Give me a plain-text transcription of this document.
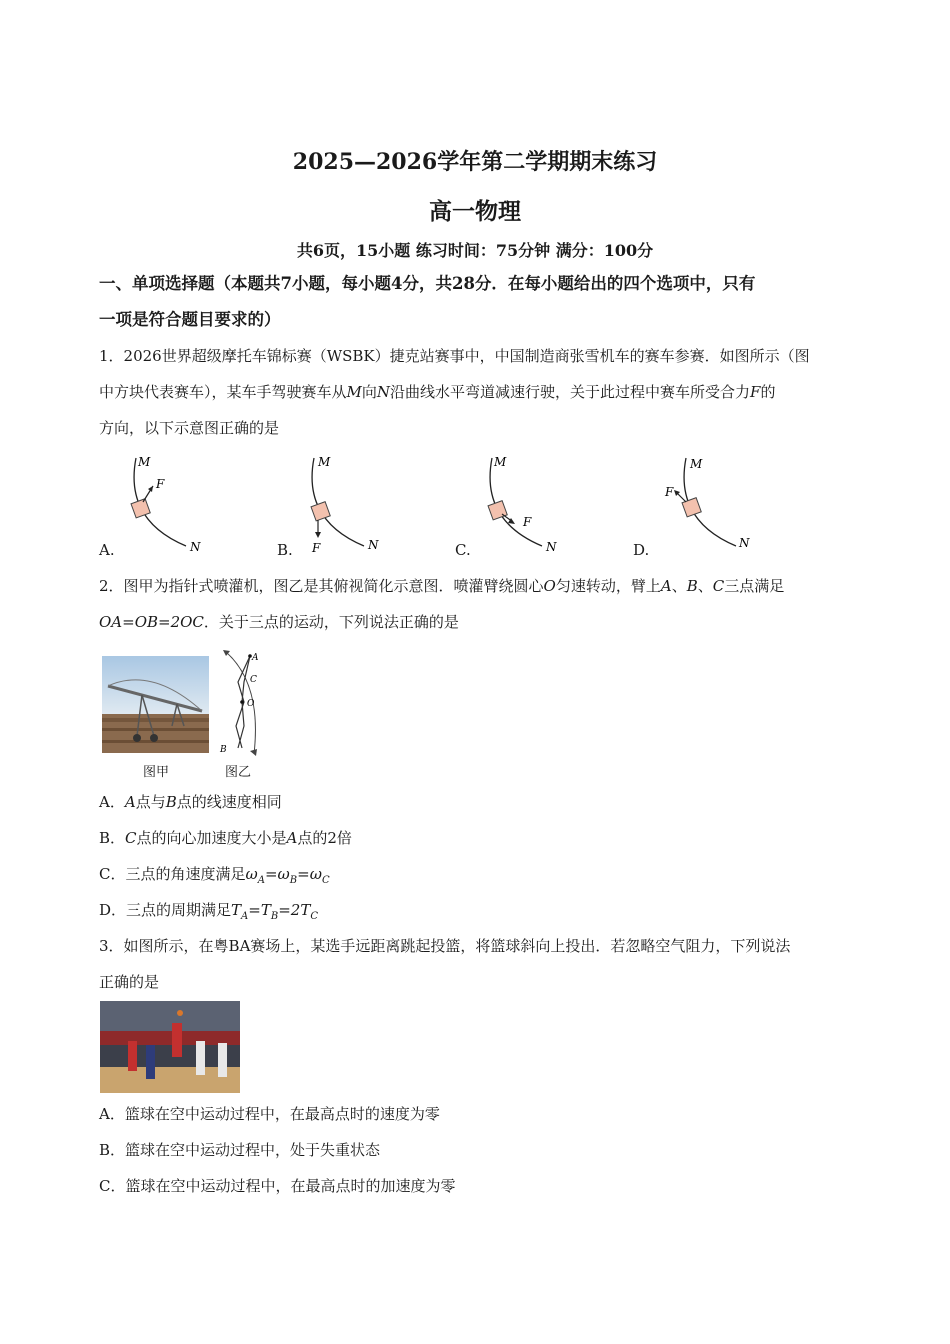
2025—2026学年第二学期期末练习
高一物理
共6页，15小题 练习时间：75分钟 满分：100分
一、单项选择题（本题共7小题，每小题4分，共28分．在每小题给出的四个选项中，只有
一项是符合题目要求的）
1．2026世界超级摩托车锦标赛（WSBK）捷克站赛事中，中国制造商张雪机车的赛车参赛．如图所示（图
中方块代表赛车），某车手驾驶赛车从M向N沿曲线水平弯道减速行驶，关于此过程中赛车所受合力F的
方向，以下示意图正确的是
M
N
F
A.
M
N
F
B.
M
N
F
C.
M
N
F
D.
2．图甲为指针式喷灌机，图乙是其俯视简化示意图．喷灌臂绕圆心O匀速转动，臂上A、B、C三点满足
OA=OB=2OC．关于三点的运动，下列说法正确的是
图甲
A
C
O
B
图乙
A．A点与B点的线速度相同
B．C点的向心加速度大小是A点的2倍
C．三点的角速度满足$\omega_A=\omega_B=\omega_C$
D．三点的周期满足$T_A=T_B=2T_C$
3．如图所示，在粤BA赛场上，某选手远距离跳起投篮，将篮球斜向上投出．若忽略空气阻力，下列说法
正确的是
A．篮球在空中运动过程中，在最高点时的速度为零
B．篮球在空中运动过程中，处于失重状态
C．篮球在空中运动过程中，在最高点时的加速度为零
